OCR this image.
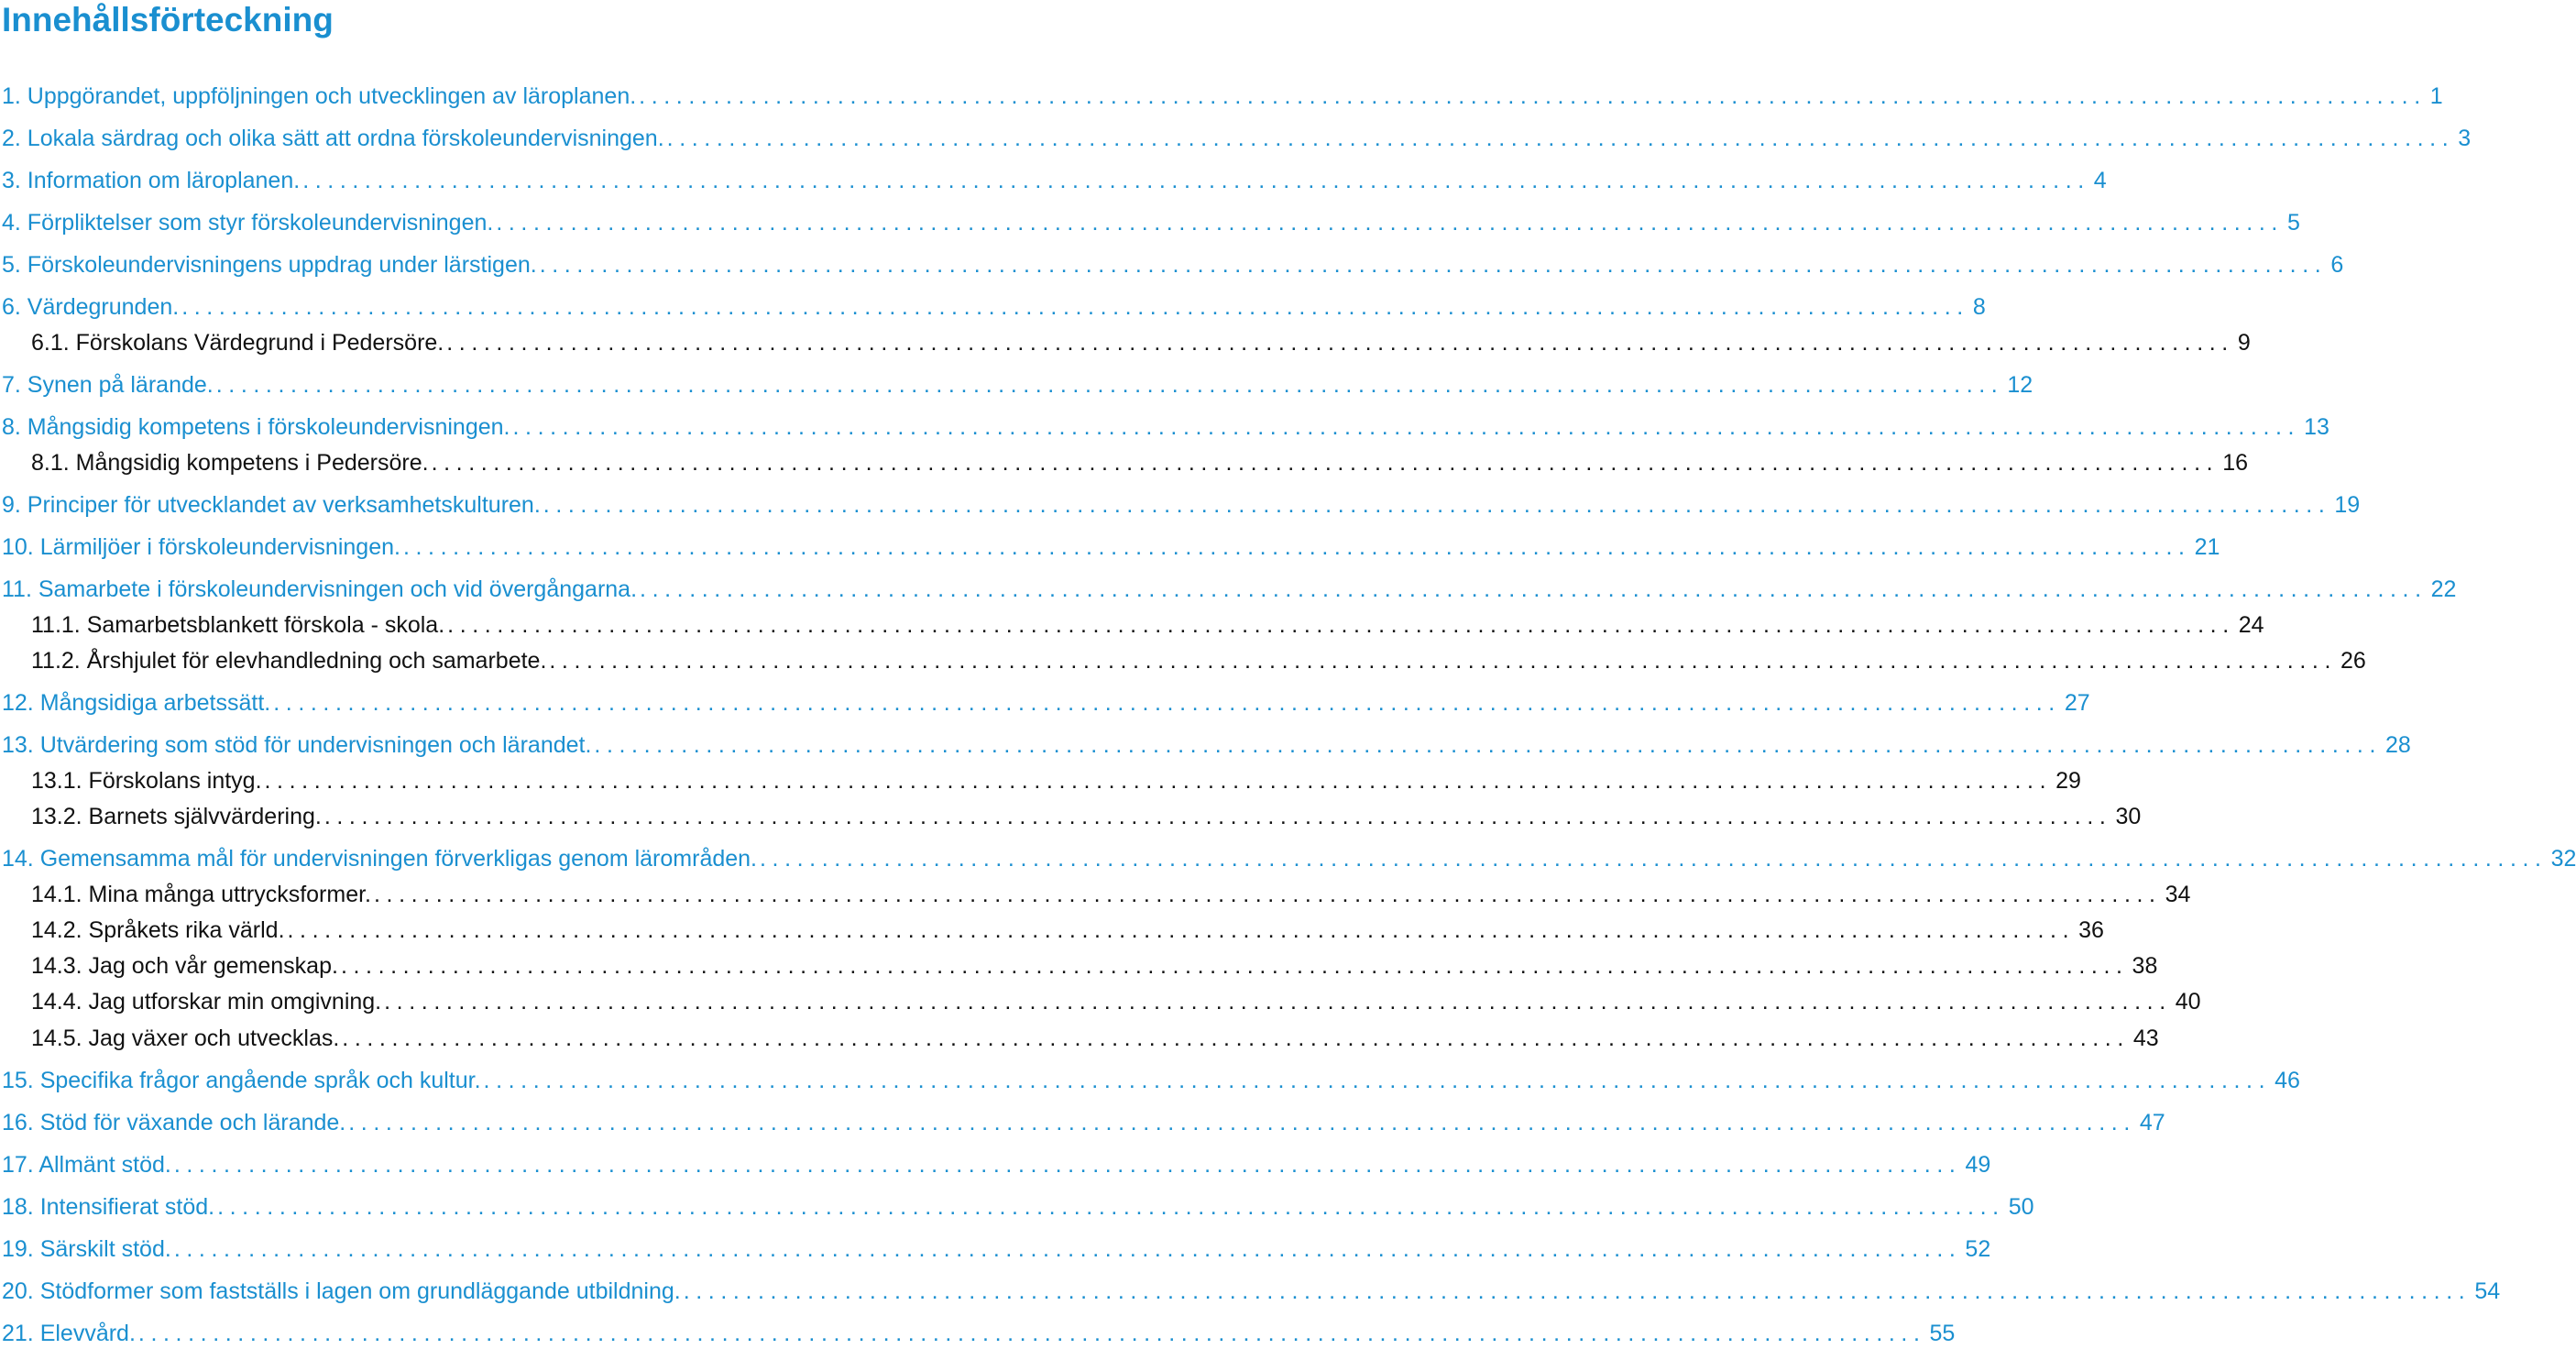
Innehållsförteckning
1. Uppgörandet, uppföljningen och utvecklingen av läroplanen. ................................................................................................................................................ 1
2. Lokala särdrag och olika sätt att ordna förskoleundervisningen. ................................................................................................................................................ 3
3. Information om läroplanen. ................................................................................................................................................ 4
4. Förpliktelser som styr förskoleundervisningen. ................................................................................................................................................ 5
5. Förskoleundervisningens uppdrag under lärstigen. ................................................................................................................................................ 6
6. Värdegrunden. ................................................................................................................................................ 8
6.1. Förskolans Värdegrund i Pedersöre. ................................................................................................................................................ 9
7. Synen på lärande. ................................................................................................................................................ 12
8. Mångsidig kompetens i förskoleundervisningen. ................................................................................................................................................ 13
8.1. Mångsidig kompetens i Pedersöre. ................................................................................................................................................ 16
9. Principer för utvecklandet av verksamhetskulturen. ................................................................................................................................................ 19
10. Lärmiljöer i förskoleundervisningen. ................................................................................................................................................ 21
11. Samarbete i förskoleundervisningen och vid övergångarna. ................................................................................................................................................ 22
11.1. Samarbetsblankett förskola - skola. ................................................................................................................................................ 24
11.2. Årshjulet för elevhandledning och samarbete. ................................................................................................................................................ 26
12. Mångsidiga arbetssätt. ................................................................................................................................................ 27
13. Utvärdering som stöd för undervisningen och lärandet. ................................................................................................................................................ 28
13.1. Förskolans intyg. ................................................................................................................................................ 29
13.2. Barnets självvärdering. ................................................................................................................................................ 30
14. Gemensamma mål för undervisningen förverkligas genom lärområden. ................................................................................................................................................ 32
14.1. Mina många uttrycksformer. ................................................................................................................................................ 34
14.2. Språkets rika värld. ................................................................................................................................................ 36
14.3. Jag och vår gemenskap. ................................................................................................................................................ 38
14.4. Jag utforskar min omgivning. ................................................................................................................................................ 40
14.5. Jag växer och utvecklas. ................................................................................................................................................ 43
15. Specifika frågor angående språk och kultur. ................................................................................................................................................ 46
16. Stöd för växande och lärande. ................................................................................................................................................ 47
17. Allmänt stöd. ................................................................................................................................................ 49
18. Intensifierat stöd. ................................................................................................................................................ 50
19. Särskilt stöd. ................................................................................................................................................ 52
20. Stödformer som fastställs i lagen om grundläggande utbildning. ................................................................................................................................................ 54
21. Elevvård. ................................................................................................................................................ 55
